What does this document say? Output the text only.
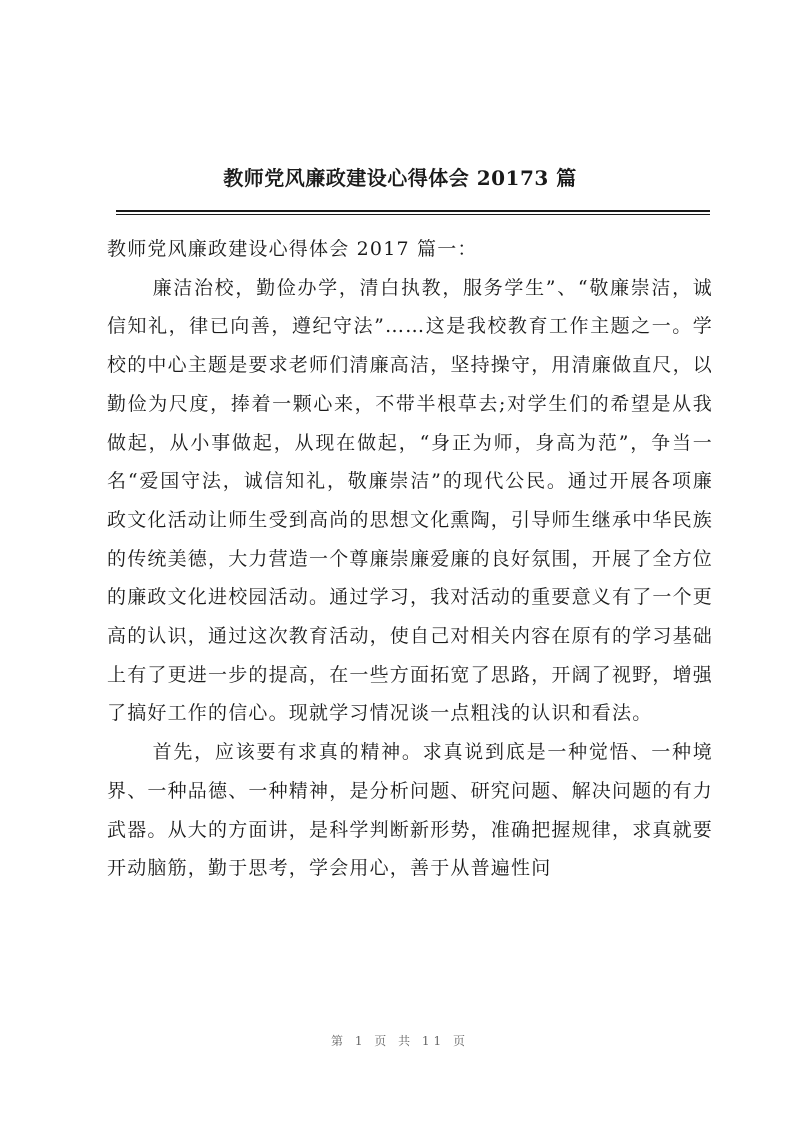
教师党风廉政建设心得体会 20173 篇

教师党风廉政建设心得体会 2017 篇一：

廉洁治校，勤俭办学，清白执教，服务学生”、“敬廉崇洁，诚信知礼，律已向善，遵纪守法”……这是我校教育工作主题之一。学校的中心主题是要求老师们清廉高洁，坚持操守，用清廉做直尺，以勤俭为尺度，捧着一颗心来，不带半根草去;对学生们的希望是从我做起，从小事做起，从现在做起，“身正为师，身高为范”，争当一名“爱国守法，诚信知礼，敬廉崇洁”的现代公民。通过开展各项廉政文化活动让师生受到高尚的思想文化熏陶，引导师生继承中华民族的传统美德，大力营造一个尊廉崇廉爱廉的良好氛围，开展了全方位的廉政文化进校园活动。通过学习，我对活动的重要意义有了一个更高的认识，通过这次教育活动，使自己对相关内容在原有的学习基础上有了更进一步的提高，在一些方面拓宽了思路，开阔了视野，增强了搞好工作的信心。现就学习情况谈一点粗浅的认识和看法。

首先，应该要有求真的精神。求真说到底是一种觉悟、一种境界、一种品德、一种精神，是分析问题、研究问题、解决问题的有力武器。从大的方面讲，是科学判断新形势，准确把握规律，求真就要开动脑筋，勤于思考，学会用心，善于从普遍性问

第 1 页 共 11 页
